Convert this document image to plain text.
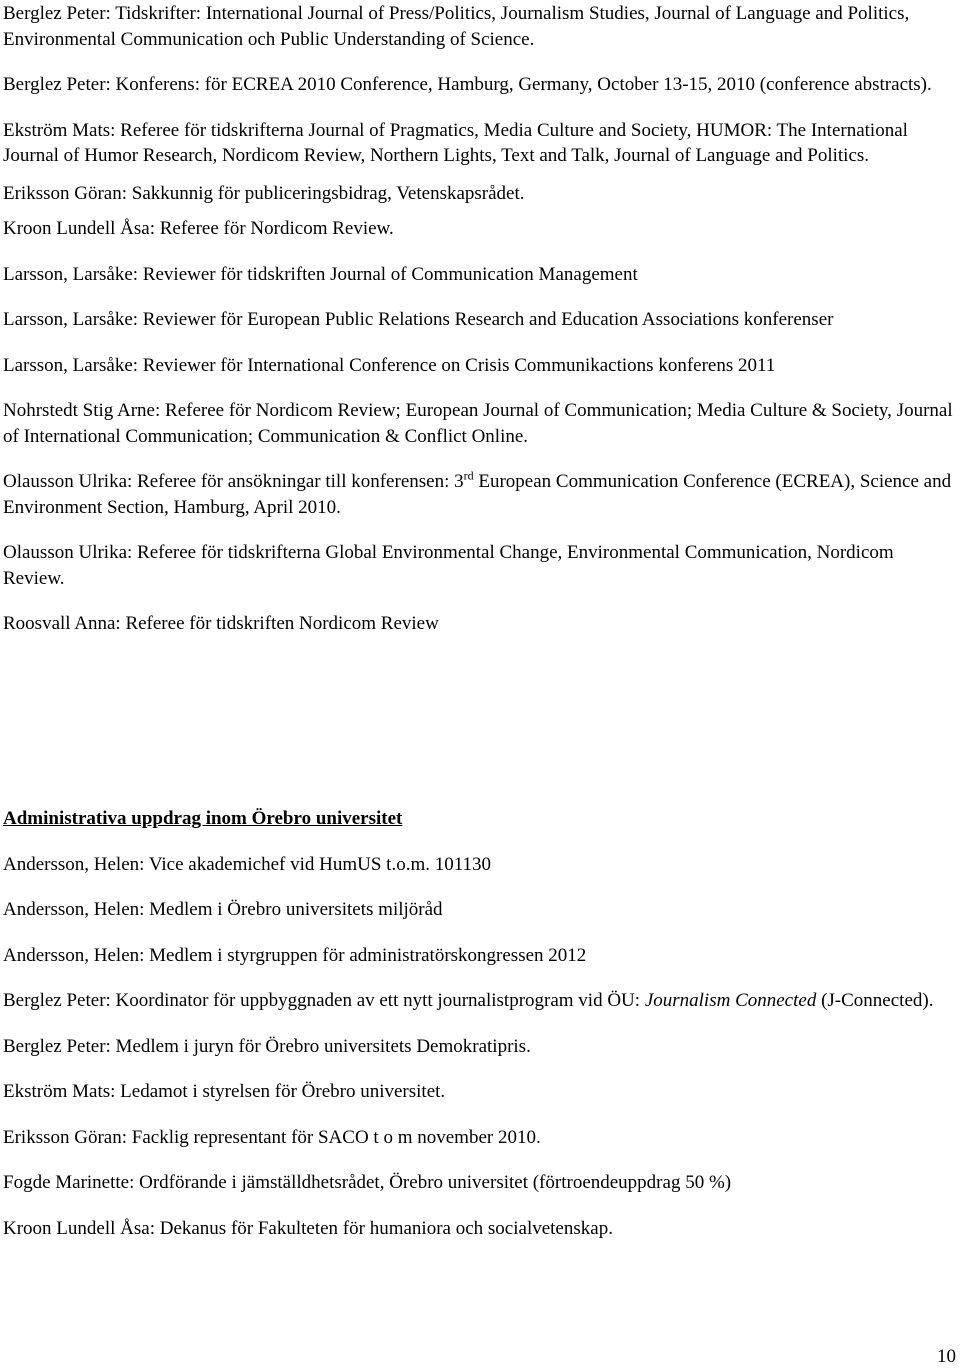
Berglez Peter: Tidskrifter: International Journal of Press/Politics, Journalism Studies, Journal of Language and Politics, Environmental Communication och Public Understanding of Science.

Berglez Peter: Konferens: för ECREA 2010 Conference, Hamburg, Germany, October 13-15, 2010 (conference abstracts).

Ekström Mats: Referee för tidskrifterna Journal of Pragmatics, Media Culture and Society, HUMOR: The International Journal of Humor Research, Nordicom Review, Northern Lights, Text and Talk, Journal of Language and Politics.

Eriksson Göran: Sakkunnig för publiceringsbidrag, Vetenskapsrådet.

Kroon Lundell Åsa: Referee för Nordicom Review.

Larsson, Larsåke: Reviewer för tidskriften Journal of Communication Management

Larsson, Larsåke: Reviewer för European Public Relations Research and Education Associations konferenser

Larsson, Larsåke: Reviewer för International Conference on Crisis Communikactions konferens 2011

Nohrstedt Stig Arne: Referee för Nordicom Review; European Journal of Communication; Media Culture & Society, Journal of International Communication; Communication & Conflict Online.

Olausson Ulrika: Referee för ansökningar till konferensen: 3rd European Communication Conference (ECREA), Science and Environment Section, Hamburg, April 2010.

Olausson Ulrika: Referee för tidskrifterna Global Environmental Change, Environmental Communication, Nordicom Review.

Roosvall Anna: Referee för tidskriften Nordicom Review

Administrativa uppdrag inom Örebro universitet

Andersson, Helen: Vice akademichef vid HumUS t.o.m. 101130

Andersson, Helen: Medlem i Örebro universitets miljöråd

Andersson, Helen: Medlem i styrgruppen för administratörskongressen 2012

Berglez Peter: Koordinator för uppbyggnaden av ett nytt journalistprogram vid ÖU: Journalism Connected (J-Connected).

Berglez Peter: Medlem i juryn för Örebro universitets Demokratipris.

Ekström Mats: Ledamot i styrelsen för Örebro universitet.

Eriksson Göran: Facklig representant för SACO t o m november 2010.

Fogde Marinette: Ordförande i jämställdhetsrådet, Örebro universitet (förtroendeuppdrag 50 %)

Kroon Lundell Åsa: Dekanus för Fakulteten för humaniora och socialvetenskap.

10
